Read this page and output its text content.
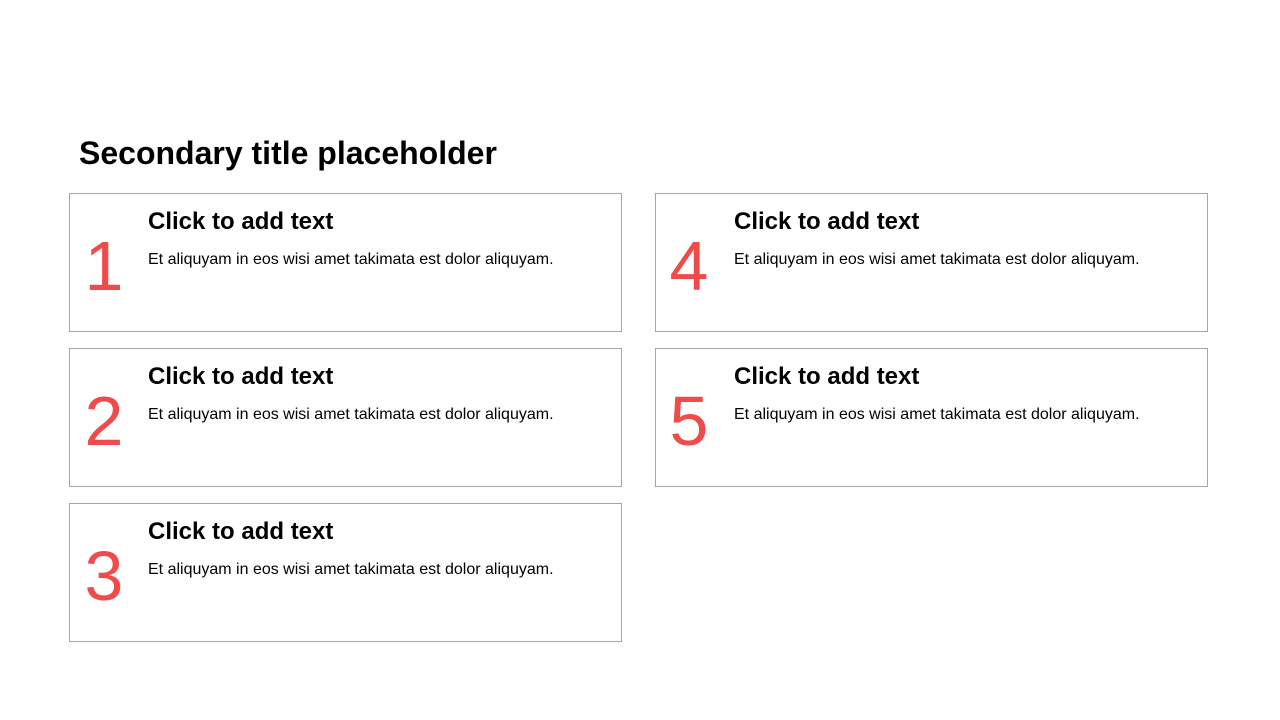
Secondary title placeholder
1
Click to add text

Et aliquyam in eos wisi amet takimata est dolor aliquyam.

2
Click to add text

Et aliquyam in eos wisi amet takimata est dolor aliquyam.

3
Click to add text

Et aliquyam in eos wisi amet takimata est dolor aliquyam.

4
Click to add text

Et aliquyam in eos wisi amet takimata est dolor aliquyam.

5
Click to add text

Et aliquyam in eos wisi amet takimata est dolor aliquyam.
